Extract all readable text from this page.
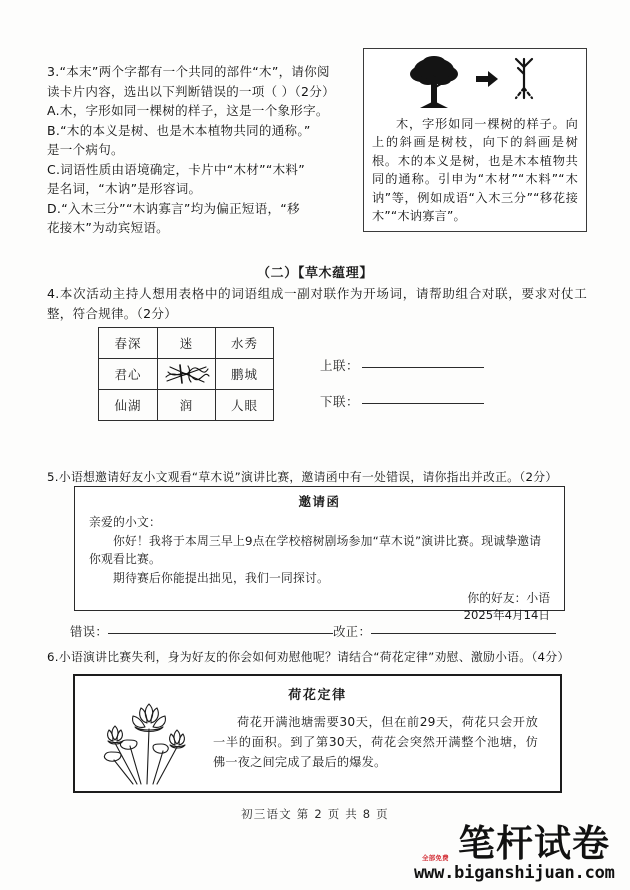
3.“本末”两个字都有一个共同的部件“木”，请你阅

读卡片内容，选出以下判断错误的一项（ ）（2分）

A.木，字形如同一棵树的样子，这是一个象形字。

B.“木的本义是树、也是木本植物共同的通称。”

是一个病句。

C.词语性质由语境确定，卡片中“木材”“木料”

是名词，“木讷”是形容词。

D.“入木三分”“木讷寡言”均为偏正短语，“移

花接木”为动宾短语。

木，字形如同一棵树的样子。向上的斜画是树枝，向下的斜画是树根。木的本义是树，也是木本植物共同的通称。引申为“木材”“木料”“木讷”等，例如成语“入木三分”“移花接木”“木讷寡言”。
（二）【草木蕴理】
4.本次活动主持人想用表格中的词语组成一副对联作为开场词，请帮助组合对联，要求对仗工整，符合规律。（2分）
春深	迷	水秀
君心		鹏城
仙湖	润	人眼
上联：
下联：
5.小语想邀请好友小文观看“草木说”演讲比赛，邀请函中有一处错误，请你指出并改正。（2分）
邀请函
亲爱的小文：
你好！我将于本周三早上9点在学校榕树剧场参加“草木说”演讲比赛。现诚挚邀请你观看比赛。
期待赛后你能提出拙见，我们一同探讨。
你的好友：小语
2025年4月14日
错误：	改正：
6.小语演讲比赛失利，身为好友的你会如何劝慰他呢？请结合“荷花定律”劝慰、激励小语。（4分）
荷花定律
荷花开满池塘需要30天，但在前29天，荷花只会开放一半的面积。到了第30天，荷花会突然开满整个池塘，仿佛一夜之间完成了最后的爆发。
初三语文 第 2 页 共 8 页
笔杆试卷
全部免费
www.biganshijuan.com
